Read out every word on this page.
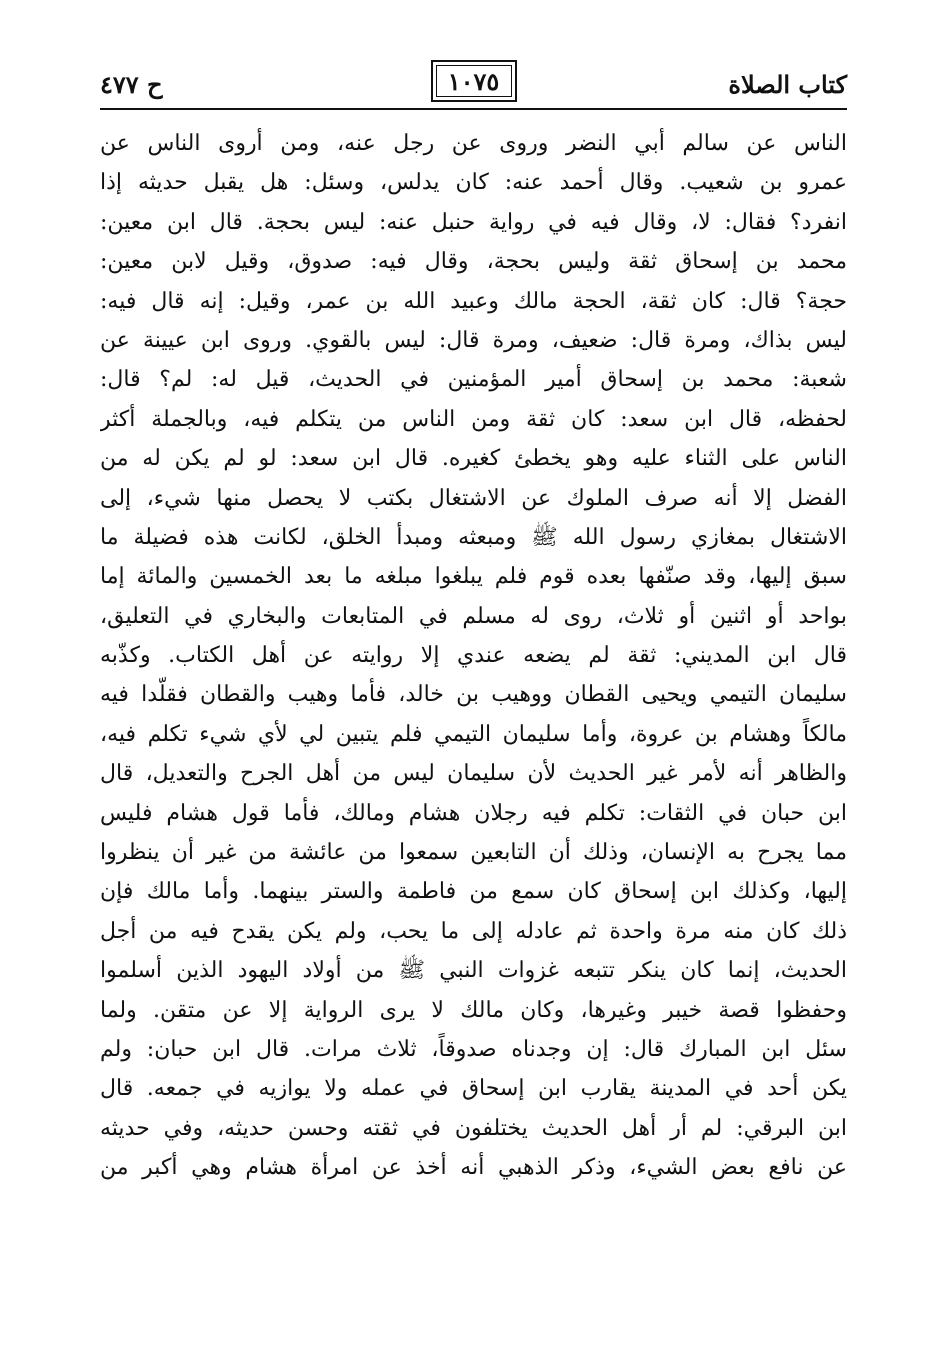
كتاب الصلاة
١٠٧٥
ح ٤٧٧
الناس عن سالم أبي النضر وروى عن رجل عنه، ومن أروى الناس عن
عمرو بن شعيب. وقال أحمد عنه: كان يدلس، وسئل: هل يقبل حديثه إذا
انفرد؟ فقال: لا، وقال فيه في رواية حنبل عنه: ليس بحجة. قال ابن معين:
محمد بن إسحاق ثقة وليس بحجة، وقال فيه: صدوق، وقيل لابن معين:
حجة؟ قال: كان ثقة، الحجة مالك وعبيد الله بن عمر، وقيل: إنه قال فيه:
ليس بذاك، ومرة قال: ضعيف، ومرة قال: ليس بالقوي. وروى ابن عيينة عن
شعبة: محمد بن إسحاق أمير المؤمنين في الحديث، قيل له: لم؟ قال:
لحفظه، قال ابن سعد: كان ثقة ومن الناس من يتكلم فيه، وبالجملة أكثر
الناس على الثناء عليه وهو يخطئ كغيره. قال ابن سعد: لو لم يكن له من
الفضل إلا أنه صرف الملوك عن الاشتغال بكتب لا يحصل منها شيء، إلى
الاشتغال بمغازي رسول الله ﷺ ومبعثه ومبدأ الخلق، لكانت هذه فضيلة ما
سبق إليها، وقد صنّفها بعده قوم فلم يبلغوا مبلغه ما بعد الخمسين والمائة إما
بواحد أو اثنين أو ثلاث، روى له مسلم في المتابعات والبخاري في التعليق،
قال ابن المديني: ثقة لم يضعه عندي إلا روايته عن أهل الكتاب. وكذّبه
سليمان التيمي ويحيى القطان ووهيب بن خالد، فأما وهيب والقطان فقلّدا فيه
مالكاً وهشام بن عروة، وأما سليمان التيمي فلم يتبين لي لأي شيء تكلم فيه،
والظاهر أنه لأمر غير الحديث لأن سليمان ليس من أهل الجرح والتعديل، قال
ابن حبان في الثقات: تكلم فيه رجلان هشام ومالك، فأما قول هشام فليس
مما يجرح به الإنسان، وذلك أن التابعين سمعوا من عائشة من غير أن ينظروا
إليها، وكذلك ابن إسحاق كان سمع من فاطمة والستر بينهما. وأما مالك فإن
ذلك كان منه مرة واحدة ثم عادله إلى ما يحب، ولم يكن يقدح فيه من أجل
الحديث، إنما كان ينكر تتبعه غزوات النبي ﷺ من أولاد اليهود الذين أسلموا
وحفظوا قصة خيبر وغيرها، وكان مالك لا يرى الرواية إلا عن متقن. ولما
سئل ابن المبارك قال: إن وجدناه صدوقاً، ثلاث مرات. قال ابن حبان: ولم
يكن أحد في المدينة يقارب ابن إسحاق في عمله ولا يوازيه في جمعه. قال
ابن البرقي: لم أر أهل الحديث يختلفون في ثقته وحسن حديثه، وفي حديثه
عن نافع بعض الشيء، وذكر الذهبي أنه أخذ عن امرأة هشام وهي أكبر من
